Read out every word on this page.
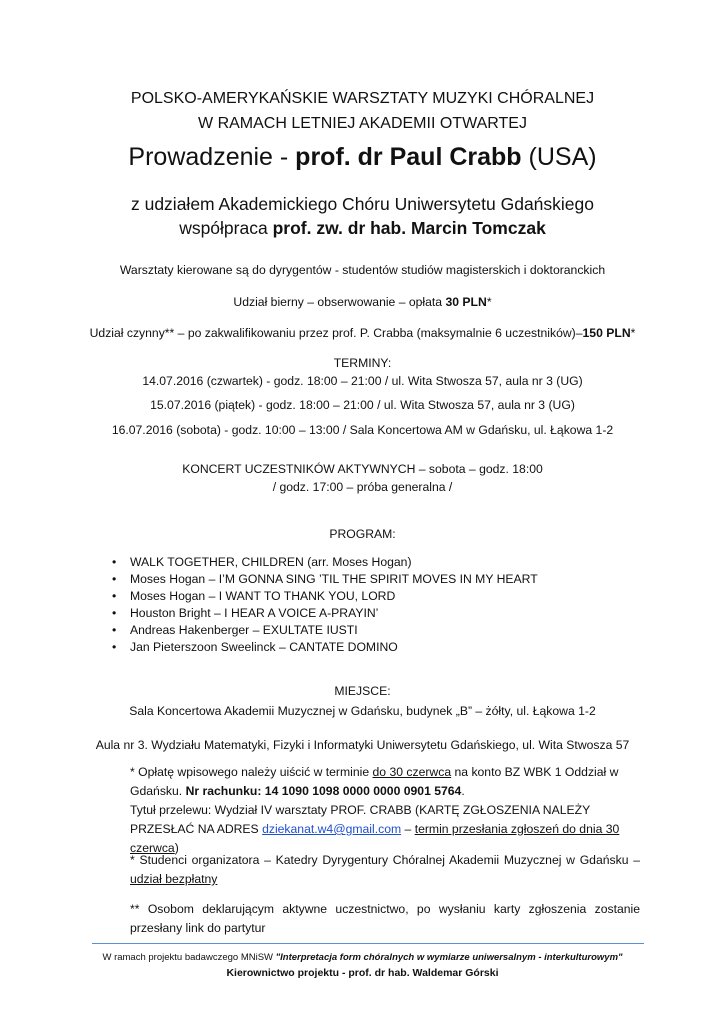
POLSKO-AMERYKAŃSKIE WARSZTATY MUZYKI CHÓRALNEJ
W RAMACH LETNIEJ AKADEMII OTWARTEJ
Prowadzenie - prof. dr Paul Crabb (USA)
z udziałem Akademickiego Chóru Uniwersytetu Gdańskiego
współpraca prof. zw. dr hab. Marcin Tomczak
Warsztaty kierowane są do dyrygentów - studentów studiów magisterskich i doktoranckich
Udział bierny – obserwowanie – opłata 30 PLN*
Udział czynny** – po zakwalifikowaniu przez prof. P. Crabba (maksymalnie 6 uczestników)–150 PLN*
TERMINY:
14.07.2016 (czwartek) - godz. 18:00 – 21:00 / ul. Wita Stwosza 57, aula nr 3 (UG)
15.07.2016 (piątek) - godz. 18:00 – 21:00 / ul. Wita Stwosza 57, aula nr 3 (UG)
16.07.2016 (sobota) - godz. 10:00 – 13:00 / Sala Koncertowa AM w Gdańsku, ul. Łąkowa 1-2
KONCERT UCZESTNIKÓW AKTYWNYCH – sobota – godz. 18:00
/ godz. 17:00 – próba generalna /
PROGRAM:
• WALK TOGETHER, CHILDREN (arr. Moses Hogan)
• Moses Hogan – I’M GONNA SING ’TIL THE SPIRIT MOVES IN MY HEART
• Moses Hogan – I WANT TO THANK YOU, LORD
• Houston Bright – I HEAR A VOICE A-PRAYIN’
• Andreas Hakenberger – EXULTATE IUSTI
• Jan Pieterszoon Sweelinck – CANTATE DOMINO
MIEJSCE:
Sala Koncertowa Akademii Muzycznej w Gdańsku, budynek „B” – żółty, ul. Łąkowa 1-2
Aula nr 3. Wydziału Matematyki, Fizyki i Informatyki Uniwersytetu Gdańskiego, ul. Wita Stwosza 57
* Opłatę wpisowego należy uiścić w terminie do 30 czerwca na konto BZ WBK 1 Oddział w Gdańsku. Nr rachunku: 14 1090 1098 0000 0000 0901 5764.
Tytuł przelewu: Wydział IV warsztaty PROF. CRABB (KARTĘ ZGŁOSZENIA NALEŻY PRZESŁAĆ NA ADRES dziekanat.w4@gmail.com – termin przesłania zgłoszeń do dnia 30 czerwca)
* Studenci organizatora – Katedry Dyrygentury Chóralnej Akademii Muzycznej w Gdańsku – udział bezpłatny
** Osobom deklarującym aktywne uczestnictwo, po wysłaniu karty zgłoszenia zostanie przesłany link do partytur
W ramach projektu badawczego MNiSW "Interpretacja form chóralnych w wymiarze uniwersalnym - interkulturowym"
Kierownictwo projektu - prof. dr hab. Waldemar Górski
